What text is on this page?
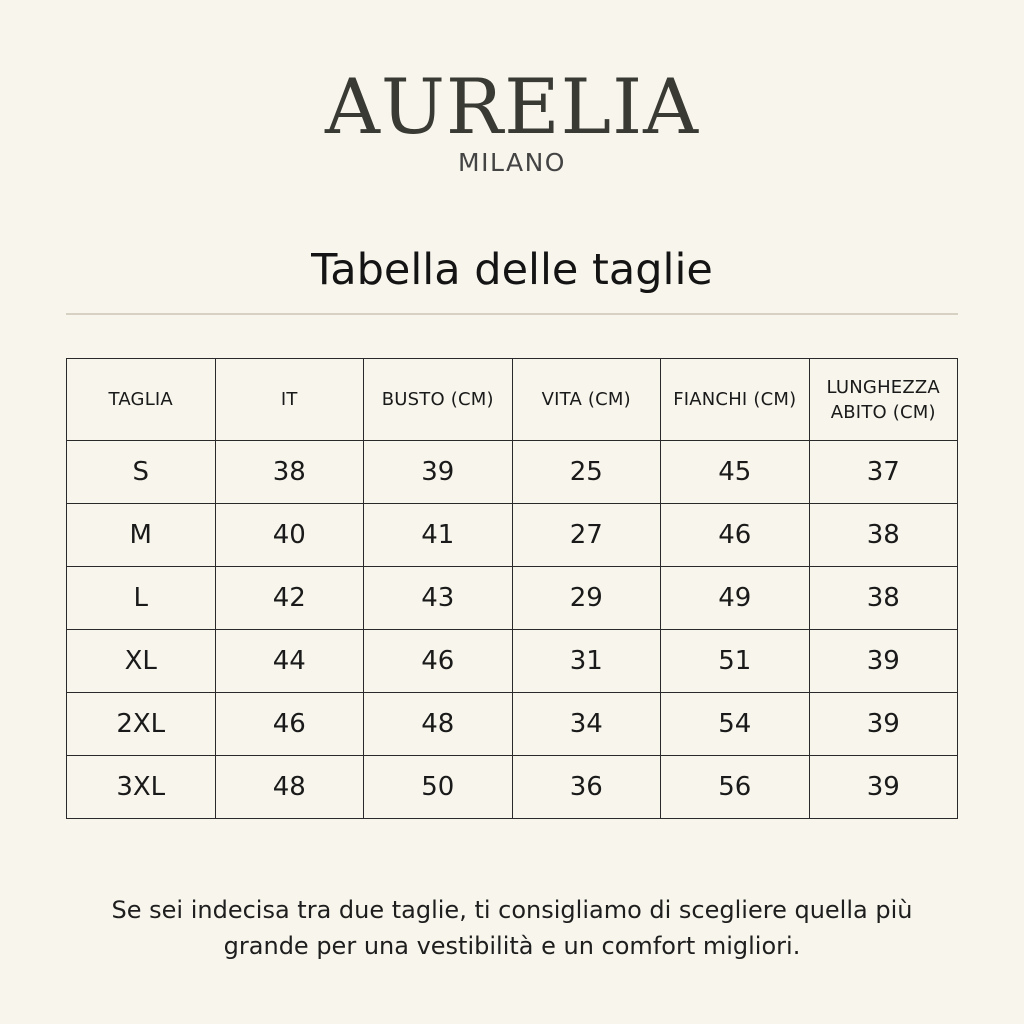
AURELIA
MILANO
Tabella delle taglie
TAGLIA	IT	BUSTO (CM)	VITA (CM)	FIANCHI (CM)	LUNGHEZZA ABITO (CM)
S	38	39	25	45	37
M	40	41	27	46	38
L	42	43	29	49	38
XL	44	46	31	51	39
2XL	46	48	34	54	39
3XL	48	50	36	56	39

Se sei indecisa tra due taglie, ti consigliamo di scegliere quella più grande per una vestibilità e un comfort migliori.
